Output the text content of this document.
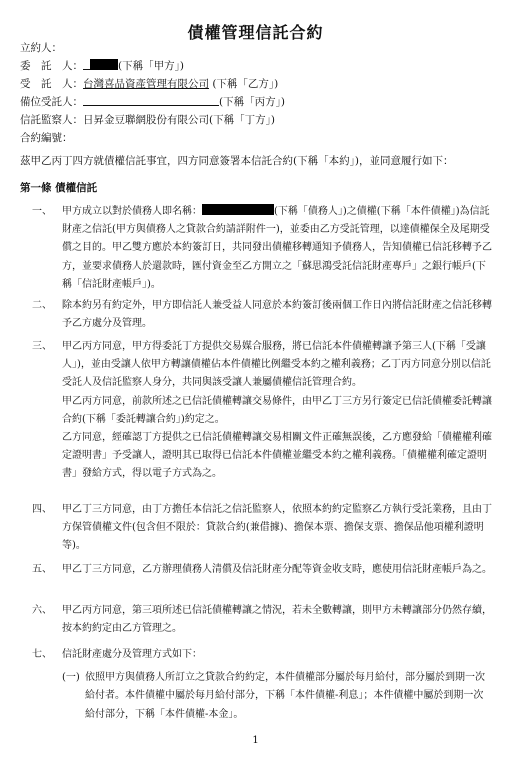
債權管理信託合約
立約人：
委　託　人：	(下稱「甲方」)
受　託　人：台灣喜品資產管理有限公司 (下稱「乙方」)
備位受託人：	(下稱「丙方」)
信託監察人：日昇金豆聯網股份有限公司(下稱「丁方」)
合約編號：
茲甲乙丙丁四方就債權信託事宜，四方同意簽署本信託合約(下稱「本約」)，並同意履行如下：
第一條 債權信託
一、 甲方成立以對於債務人即名稱：	(下稱「債務人」)之債權(下稱「本件債權」)為信託財產之信託(甲方與債務人之貸款合約請詳附件一)，並委由乙方受託管理，以達債權保全及尾期受償之目的。甲乙雙方應於本約簽訂日，共同發出債權移轉通知予債務人，告知債權已信託移轉予乙方，並要求債務人於還款時，匯付資金至乙方開立之「蘇思鴻受託信託財產專戶」之銀行帳戶(下稱「信託財產帳戶」)。
二、 除本約另有約定外，甲方即信託人兼受益人同意於本約簽訂後兩個工作日內將信託財產之信託移轉予乙方處分及管理。
三、 甲乙丙方同意，甲方得委託丁方提供交易媒合服務，將已信託本件債權轉讓予第三人(下稱「受讓人」)，並由受讓人依甲方轉讓債權佔本件債權比例繼受本約之權利義務；乙丁丙方同意分別以信託受託人及信託監察人身分，共同與該受讓人兼屬債權信託管理合約。
甲乙丙方同意，前款所述之已信託債權轉讓交易條件，由甲乙丁三方另行簽定已信託債權委託轉讓合約(下稱「委託轉讓合約」)約定之。
乙方同意，經確認丁方提供之已信託債權轉讓交易相關文件正確無誤後，乙方應發給「債權權利確定證明書」予受讓人，證明其已取得已信託本件債權並繼受本約之權利義務。「債權權利確定證明書」發給方式，得以電子方式為之。
四、 甲乙丁三方同意，由丁方擔任本信託之信託監察人，依照本約約定監察乙方執行受託業務，且由丁方保管債權文件(包含但不限於：貸款合約(兼借據)、擔保本票、擔保支票、擔保品他項權利證明等)。
五、 甲乙丁三方同意，乙方辦理債務人清償及信託財產分配等資金收支時，應使用信託財產帳戶為之。
六、 甲乙丙方同意，第三項所述已信託債權轉讓之情況，若未全數轉讓，則甲方未轉讓部分仍然存續，按本約約定由乙方管理之。
七、 信託財產處分及管理方式如下：
(一) 依照甲方與債務人所訂立之貸款合約約定，本件債權部分屬於每月給付，部分屬於到期一次給付者。本件債權中屬於每月給付部分，下稱「本件債權-利息」；本件債權中屬於到期一次給付部分，下稱「本件債權-本金」。
1
